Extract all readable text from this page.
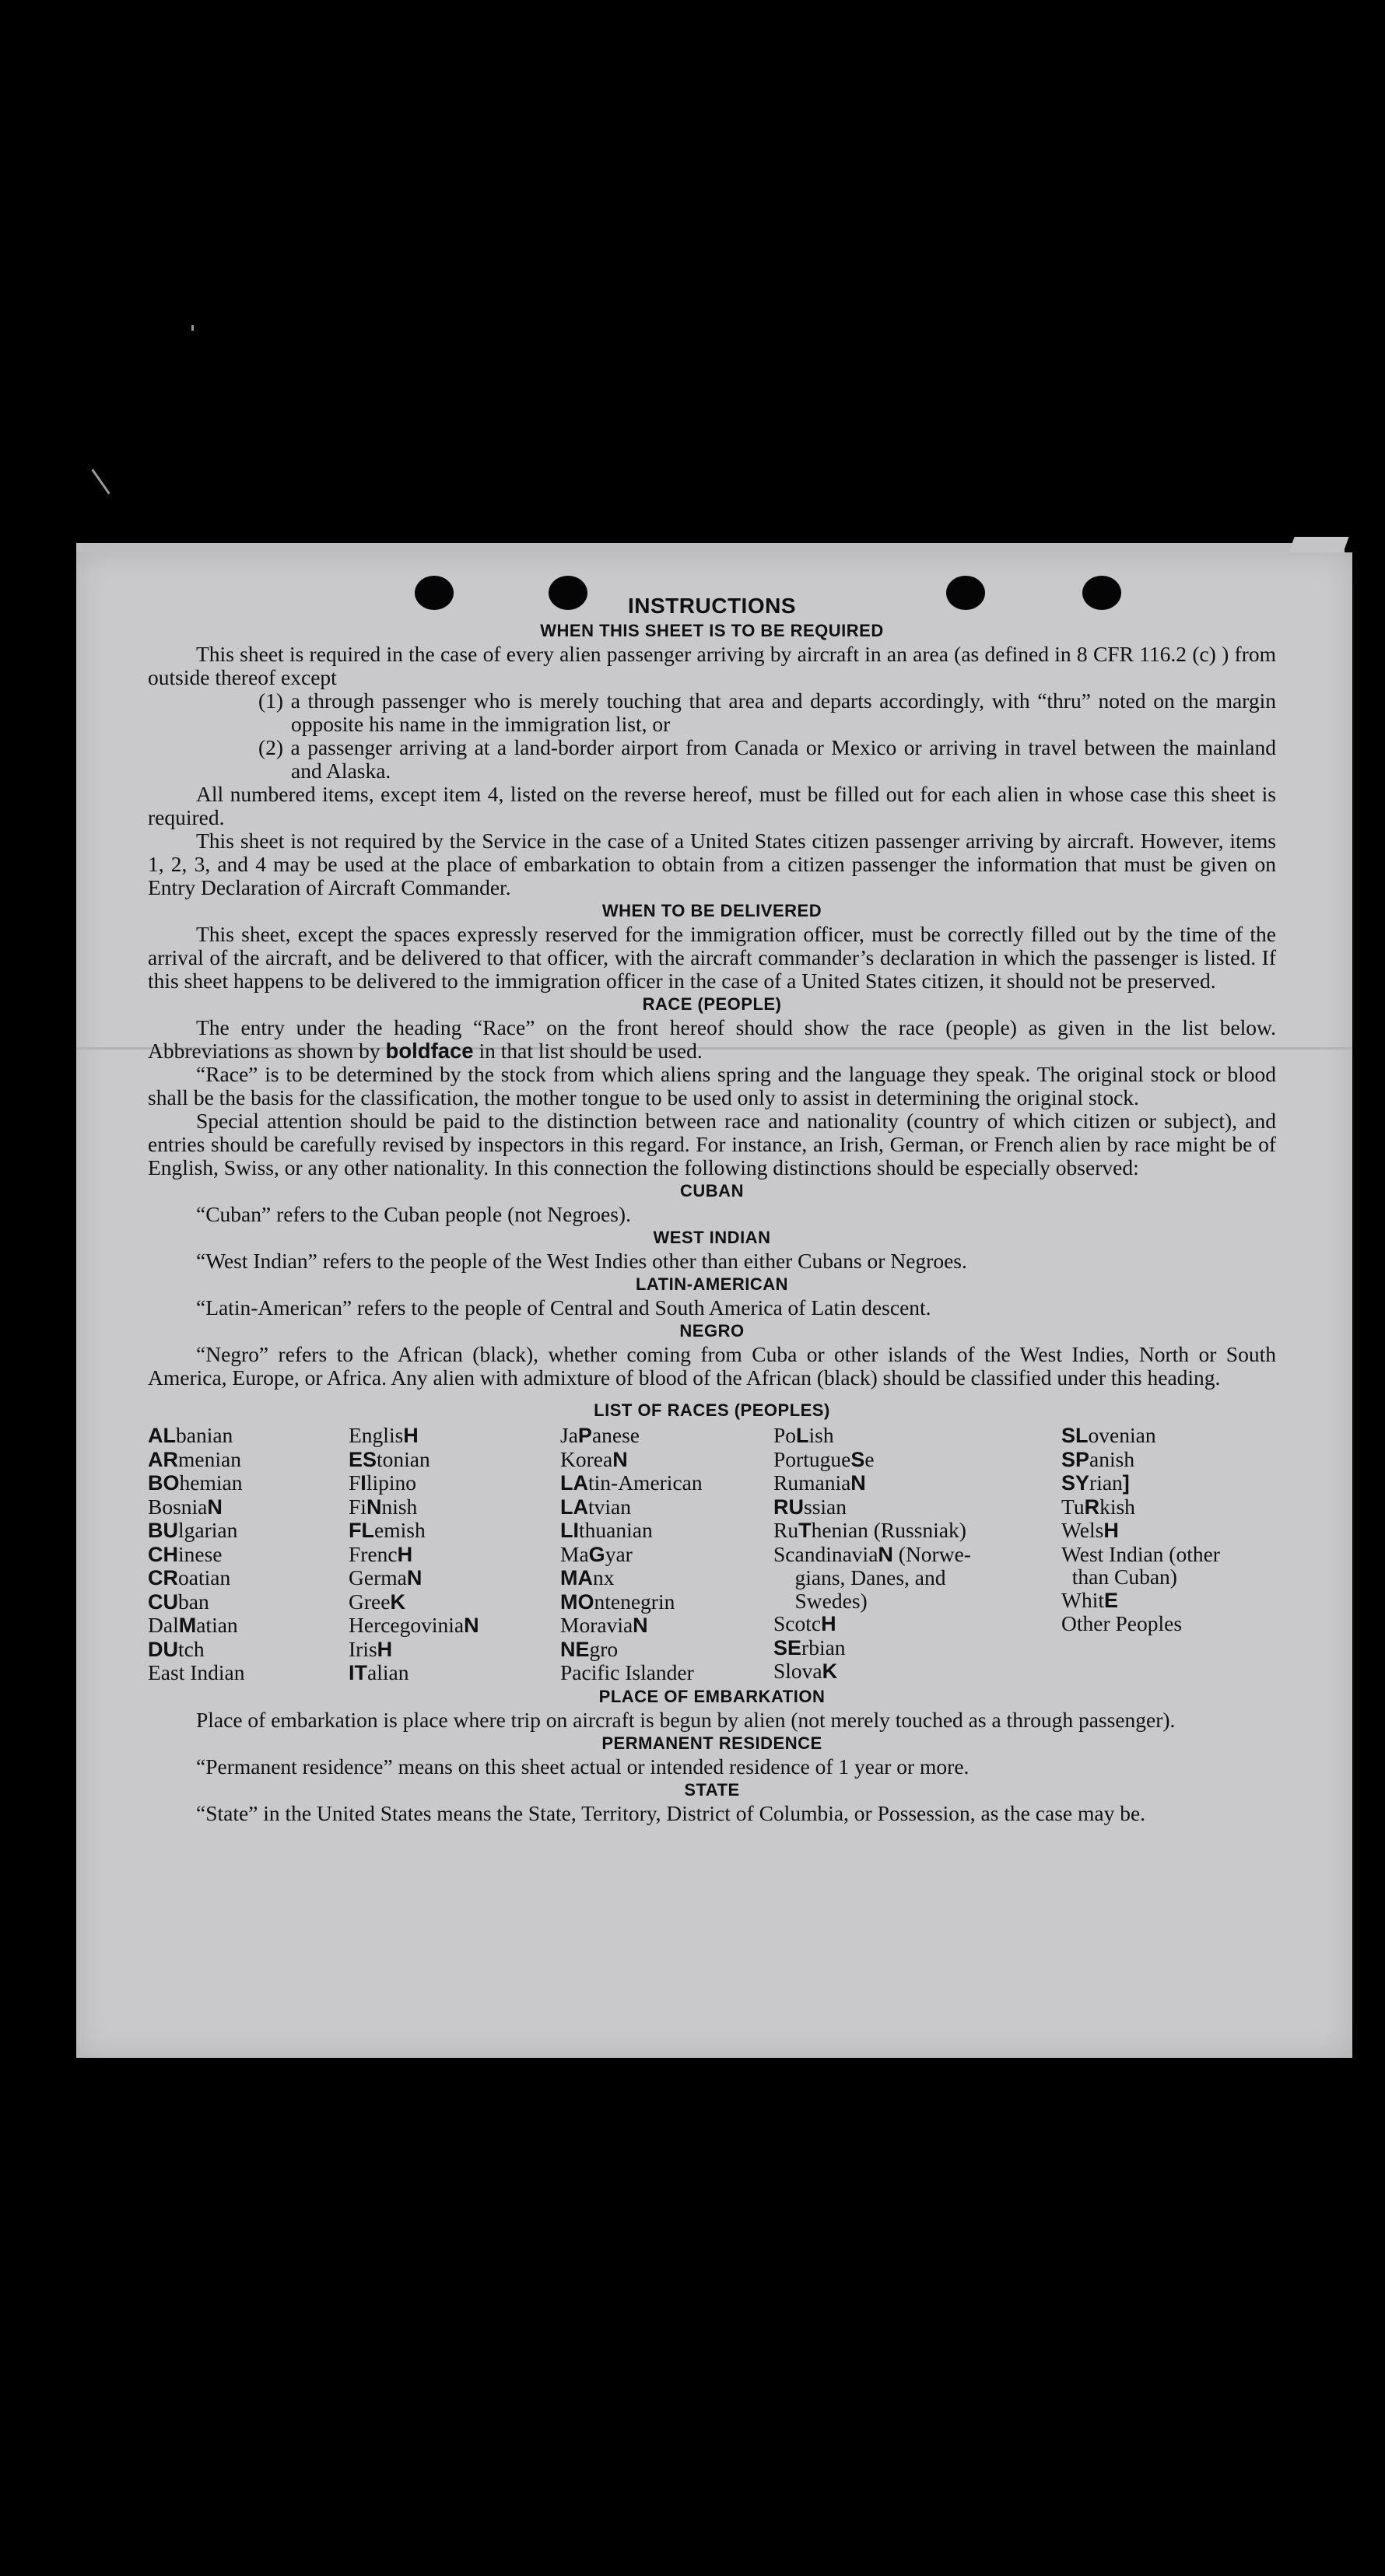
INSTRUCTIONS
WHEN THIS SHEET IS TO BE REQUIRED

This sheet is required in the case of every alien passenger arriving by aircraft in an area (as defined in 8 CFR 116.2 (c) ) from outside thereof except

(1) a through passenger who is merely touching that area and departs accordingly, with “thru” noted on the margin opposite his name in the immigration list, or
(2) a passenger arriving at a land-border airport from Canada or Mexico or arriving in travel between the mainland and Alaska.

All numbered items, except item 4, listed on the reverse hereof, must be filled out for each alien in whose case this sheet is required.

This sheet is not required by the Service in the case of a United States citizen passenger arriving by aircraft. However, items 1, 2, 3, and 4 may be used at the place of embarkation to obtain from a citizen passenger the information that must be given on Entry Declaration of Aircraft Commander.

WHEN TO BE DELIVERED

This sheet, except the spaces expressly reserved for the immigration officer, must be correctly filled out by the time of the arrival of the aircraft, and be delivered to that officer, with the aircraft commander’s declaration in which the passenger is listed. If this sheet happens to be delivered to the immigration officer in the case of a United States citizen, it should not be preserved.

RACE (PEOPLE)

The entry under the heading “Race” on the front hereof should show the race (people) as given in the list below. Abbreviations as shown by boldface in that list should be used.

“Race” is to be determined by the stock from which aliens spring and the language they speak. The original stock or blood shall be the basis for the classification, the mother tongue to be used only to assist in determining the original stock.

Special attention should be paid to the distinction between race and nationality (country of which citizen or subject), and entries should be carefully revised by inspectors in this regard. For instance, an Irish, German, or French alien by race might be of English, Swiss, or any other nationality. In this connection the following distinctions should be especially observed:

CUBAN

“Cuban” refers to the Cuban people (not Negroes).

WEST INDIAN

“West Indian” refers to the people of the West Indies other than either Cubans or Negroes.

LATIN-AMERICAN

“Latin-American” refers to the people of Central and South America of Latin descent.

NEGRO

“Negro” refers to the African (black), whether coming from Cuba or other islands of the West Indies, North or South America, Europe, or Africa. Any alien with admixture of blood of the African (black) should be classified under this heading.

LIST OF RACES (PEOPLES)
ALbanian
ARmenian
BOhemian
BosniaN
BUlgarian
CHinese
CRoatian
CUban
DalMatian
DUtch
East Indian
EnglisH
EStonian
FIlipino
FiNnish
FLemish
FrencH
GermaN
GreeK
HercegoviniaN
IrisH
ITalian
JaPanese
KoreaN
LAtin-American
LAtvian
LIthuanian
MaGyar
MAnx
MOntenegrin
MoraviaN
NEgro
Pacific Islander
PoLish
PortugueSe
RumaniaN
RUssian
RuThenian (Russniak)
ScandinaviaN (Norwe-
gians, Danes, and
Swedes)
ScotcH
SErbian
SlovaK
SLovenian
SPanish
SYrian]
TuRkish
WelsH
West Indian (other
than Cuban)
WhitE
Other Peoples
PLACE OF EMBARKATION

Place of embarkation is place where trip on aircraft is begun by alien (not merely touched as a through passenger).

PERMANENT RESIDENCE

“Permanent residence” means on this sheet actual or intended residence of 1 year or more.

STATE

“State” in the United States means the State, Territory, District of Columbia, or Possession, as the case may be.
